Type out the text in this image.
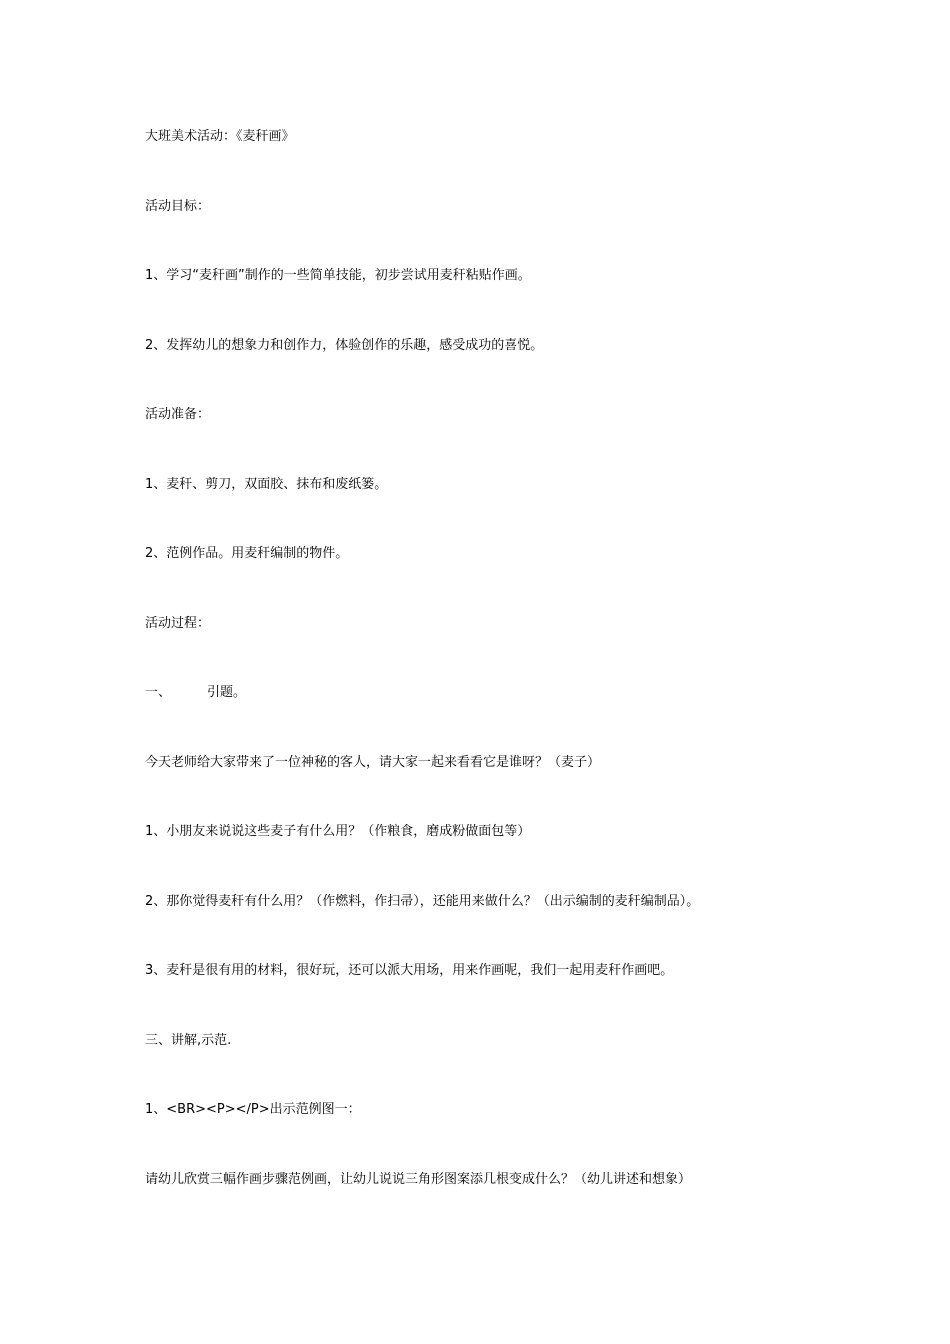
大班美术活动：《麦秆画》

活动目标：

1、学习“麦秆画”制作的一些简单技能，初步尝试用麦秆粘贴作画。

2、发挥幼儿的想象力和创作力，体验创作的乐趣，感受成功的喜悦。

活动准备：

1、麦秆、剪刀，双面胶、抹布和废纸篓。

2、范例作品。用麦秆编制的物件。

活动过程：

一、	引题。

今天老师给大家带来了一位神秘的客人，请大家一起来看看它是谁呀？（麦子）

1、小朋友来说说这些麦子有什么用？（作粮食，磨成粉做面包等）

2、那你觉得麦秆有什么用？（作燃料，作扫帚），还能用来做什么？（出示编制的麦秆编制品）。

3、麦秆是很有用的材料，很好玩，还可以派大用场，用来作画呢，我们一起用麦秆作画吧。

三、讲解,示范.

1、<BR><P></P>出示范例图一：

请幼儿欣赏三幅作画步骤范例画，让幼儿说说三角形图案添几根变成什么？（幼儿讲述和想象）
